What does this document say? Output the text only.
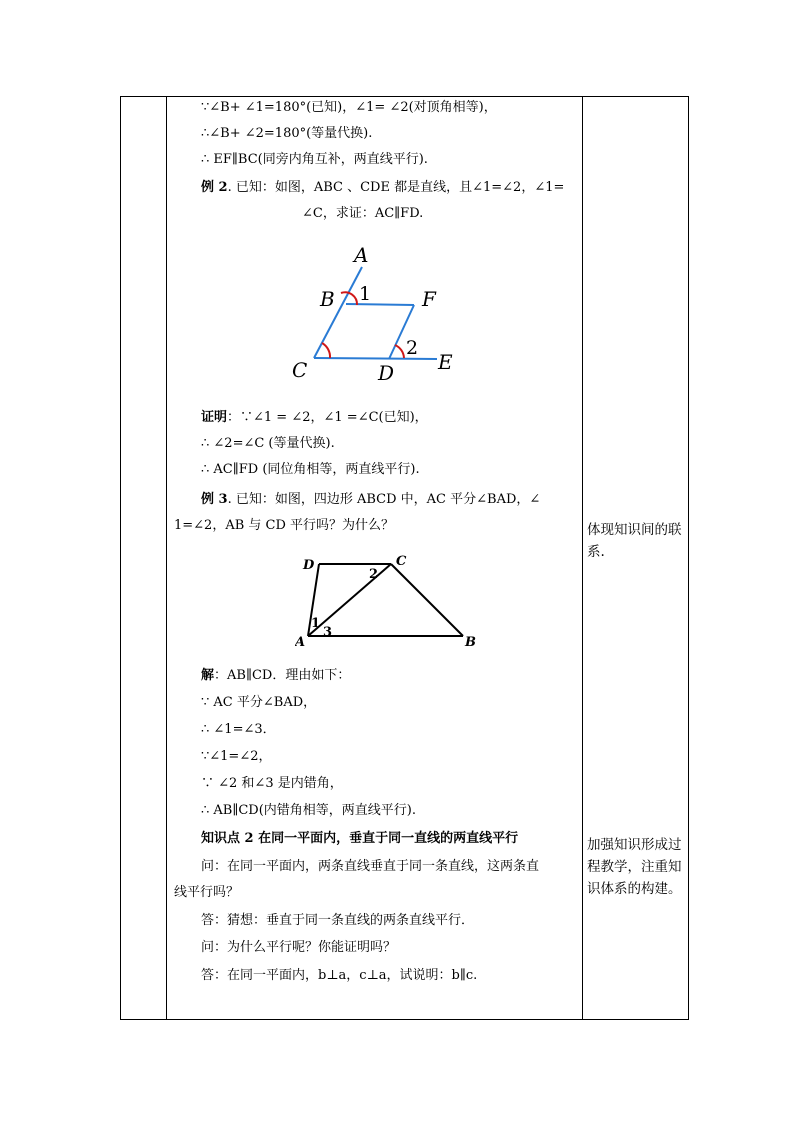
∵∠B+ ∠1=180°(已知)，∠1= ∠2(对顶角相等)，
∴∠B+ ∠2=180°(等量代换).
∴ EF∥BC(同旁内角互补，两直线平行).
例 2. 已知：如图，ABC 、CDE 都是直线，且∠1=∠2，∠1=
∠C，求证：AC∥FD.
A
B	F
C	D E
1
2
证明：∵∠1 = ∠2，∠1 =∠C(已知)，
∴ ∠2=∠C (等量代换).
∴ AC∥FD (同位角相等，两直线平行).
例 3. 已知：如图，四边形 ABCD 中，AC 平分∠BAD，∠
1=∠2，AB 与 CD 平行吗？为什么？
D	C
A	B
1
2
3
解：AB∥CD．理由如下：
∵ AC 平分∠BAD，
∴ ∠1=∠3．
∵∠1=∠2，
∵ ∠2 和∠3 是内错角，
∴ AB∥CD(内错角相等，两直线平行).
知识点 2 在同一平面内，垂直于同一直线的两直线平行
问：在同一平面内，两条直线垂直于同一条直线，这两条直
线平行吗？
答：猜想：垂直于同一条直线的两条直线平行．
问：为什么平行呢？你能证明吗？
答：在同一平面内，b⊥a，c⊥a，试说明：b∥c.
体现知识间的联系.
加强知识形成过程教学，注重知识体系的构建。
